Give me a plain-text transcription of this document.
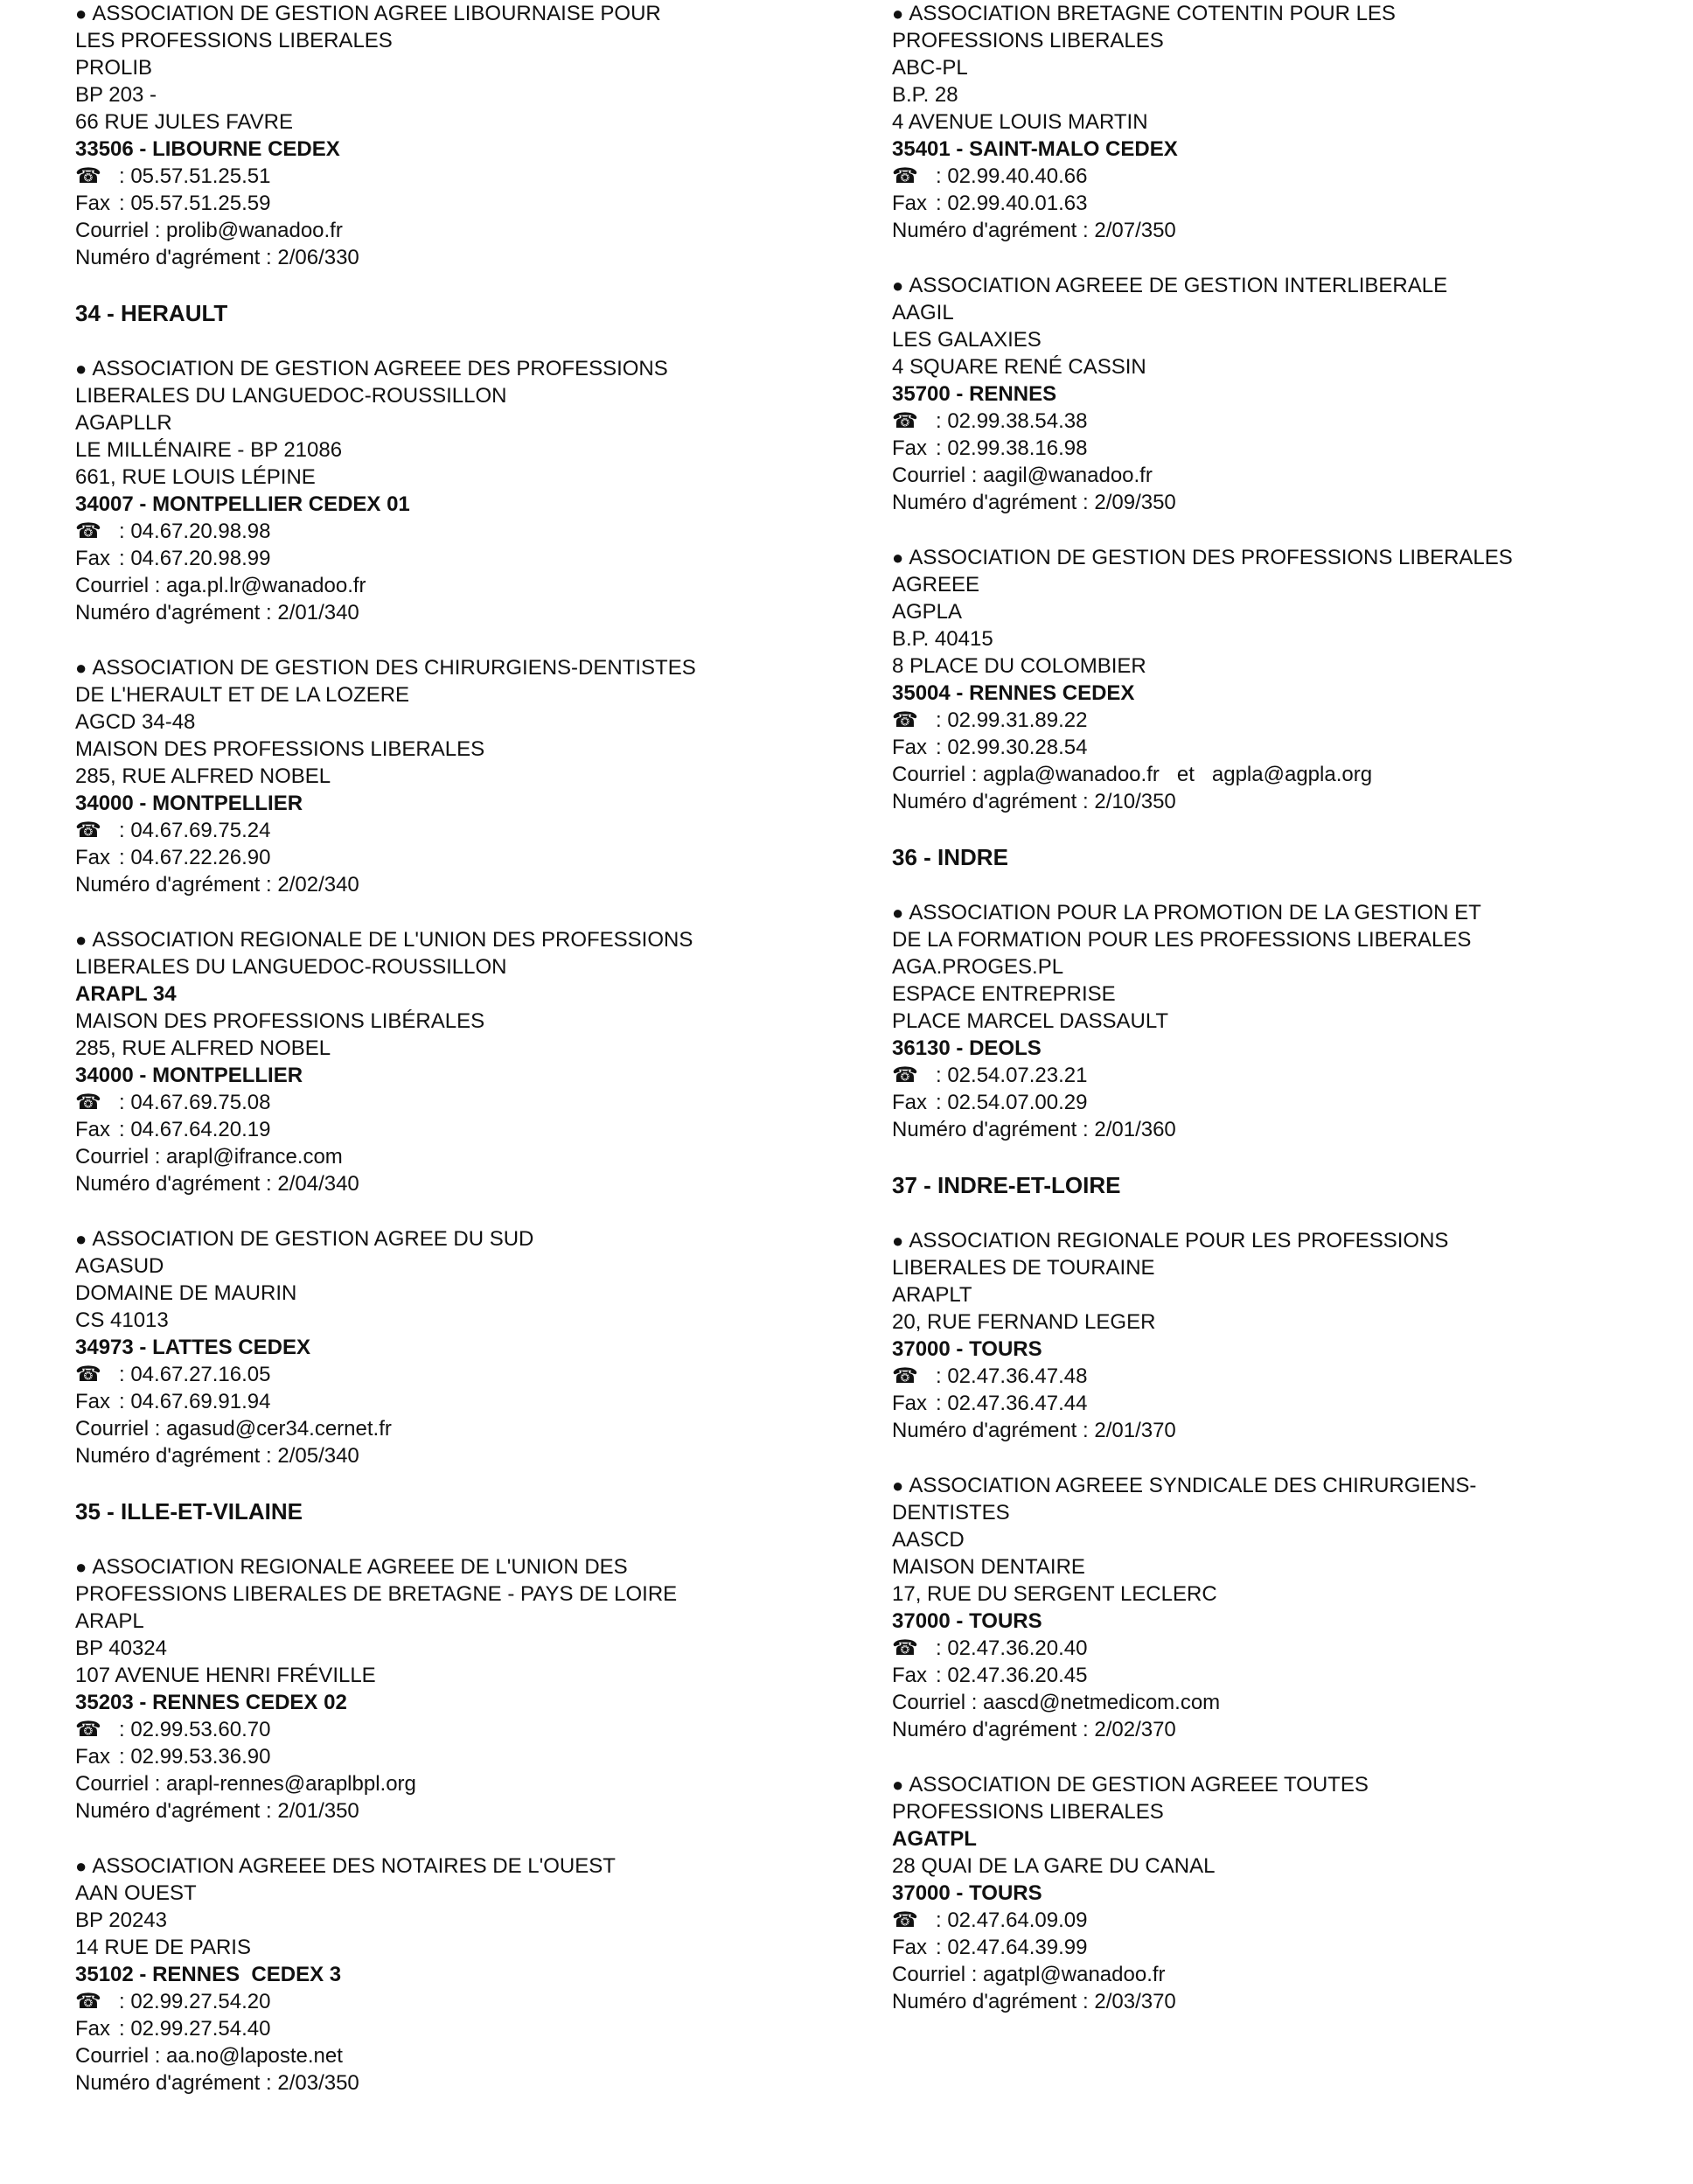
● ASSOCIATION DE GESTION AGREE LIBOURNAISE POUR
LES PROFESSIONS LIBERALES
PROLIB
BP 203 -
66 RUE JULES FAVRE
33506 - LIBOURNE CEDEX
☎ : 05.57.51.25.51
Fax : 05.57.51.25.59
Courriel : prolib@wanadoo.fr
Numéro d'agrément : 2/06/330
34 - HERAULT
● ASSOCIATION DE GESTION AGREEE DES PROFESSIONS
LIBERALES DU LANGUEDOC-ROUSSILLON
AGAPLLR
LE MILLÉNAIRE - BP 21086
661, RUE LOUIS LÉPINE
34007 - MONTPELLIER CEDEX 01
☎ : 04.67.20.98.98
Fax : 04.67.20.98.99
Courriel : aga.pl.lr@wanadoo.fr
Numéro d'agrément : 2/01/340
● ASSOCIATION DE GESTION DES CHIRURGIENS-DENTISTES
DE L'HERAULT ET DE LA LOZERE
AGCD 34-48
MAISON DES PROFESSIONS LIBERALES
285, RUE ALFRED NOBEL
34000 - MONTPELLIER
☎ : 04.67.69.75.24
Fax : 04.67.22.26.90
Numéro d'agrément : 2/02/340
● ASSOCIATION REGIONALE DE L'UNION DES PROFESSIONS
LIBERALES DU LANGUEDOC-ROUSSILLON
ARAPL 34
MAISON DES PROFESSIONS LIBÉRALES
285, RUE ALFRED NOBEL
34000 - MONTPELLIER
☎ : 04.67.69.75.08
Fax : 04.67.64.20.19
Courriel : arapl@ifrance.com
Numéro d'agrément : 2/04/340
● ASSOCIATION DE GESTION AGREE DU SUD
AGASUD
DOMAINE DE MAURIN
CS 41013
34973 - LATTES CEDEX
☎ : 04.67.27.16.05
Fax : 04.67.69.91.94
Courriel : agasud@cer34.cernet.fr
Numéro d'agrément : 2/05/340
35 - ILLE-ET-VILAINE
● ASSOCIATION REGIONALE AGREEE DE L'UNION DES
PROFESSIONS LIBERALES DE BRETAGNE - PAYS DE LOIRE
ARAPL
BP 40324
107 AVENUE HENRI FRÉVILLE
35203 - RENNES CEDEX 02
☎ : 02.99.53.60.70
Fax : 02.99.53.36.90
Courriel : arapl-rennes@araplbpl.org
Numéro d'agrément : 2/01/350
● ASSOCIATION AGREEE DES NOTAIRES DE L'OUEST
AAN OUEST
BP 20243
14 RUE DE PARIS
35102 - RENNES  CEDEX 3
☎ : 02.99.27.54.20
Fax : 02.99.27.54.40
Courriel : aa.no@laposte.net
Numéro d'agrément : 2/03/350
● ASSOCIATION BRETAGNE COTENTIN POUR LES
PROFESSIONS LIBERALES
ABC-PL
B.P. 28
4 AVENUE LOUIS MARTIN
35401 - SAINT-MALO CEDEX
☎ : 02.99.40.40.66
Fax : 02.99.40.01.63
Numéro d'agrément : 2/07/350
● ASSOCIATION AGREEE DE GESTION INTERLIBERALE
AAGIL
LES GALAXIES
4 SQUARE RENÉ CASSIN
35700 - RENNES
☎ : 02.99.38.54.38
Fax : 02.99.38.16.98
Courriel : aagil@wanadoo.fr
Numéro d'agrément : 2/09/350
● ASSOCIATION DE GESTION DES PROFESSIONS LIBERALES
AGREEE
AGPLA
B.P. 40415
8 PLACE DU COLOMBIER
35004 - RENNES CEDEX
☎ : 02.99.31.89.22
Fax : 02.99.30.28.54
Courriel : agpla@wanadoo.fr   et   agpla@agpla.org
Numéro d'agrément : 2/10/350
36 - INDRE
● ASSOCIATION POUR LA PROMOTION DE LA GESTION ET
DE LA FORMATION POUR LES PROFESSIONS LIBERALES
AGA.PROGES.PL
ESPACE ENTREPRISE
PLACE MARCEL DASSAULT
36130 - DEOLS
☎ : 02.54.07.23.21
Fax : 02.54.07.00.29
Numéro d'agrément : 2/01/360
37 - INDRE-ET-LOIRE
● ASSOCIATION REGIONALE POUR LES PROFESSIONS
LIBERALES DE TOURAINE
ARAPLT
20, RUE FERNAND LEGER
37000 - TOURS
☎ : 02.47.36.47.48
Fax : 02.47.36.47.44
Numéro d'agrément : 2/01/370
● ASSOCIATION AGREEE SYNDICALE DES CHIRURGIENS-
DENTISTES
AASCD
MAISON DENTAIRE
17, RUE DU SERGENT LECLERC
37000 - TOURS
☎ : 02.47.36.20.40
Fax : 02.47.36.20.45
Courriel : aascd@netmedicom.com
Numéro d'agrément : 2/02/370
● ASSOCIATION DE GESTION AGREEE TOUTES
PROFESSIONS LIBERALES
AGATPL
28 QUAI DE LA GARE DU CANAL
37000 - TOURS
☎ : 02.47.64.09.09
Fax : 02.47.64.39.99
Courriel : agatpl@wanadoo.fr
Numéro d'agrément : 2/03/370
